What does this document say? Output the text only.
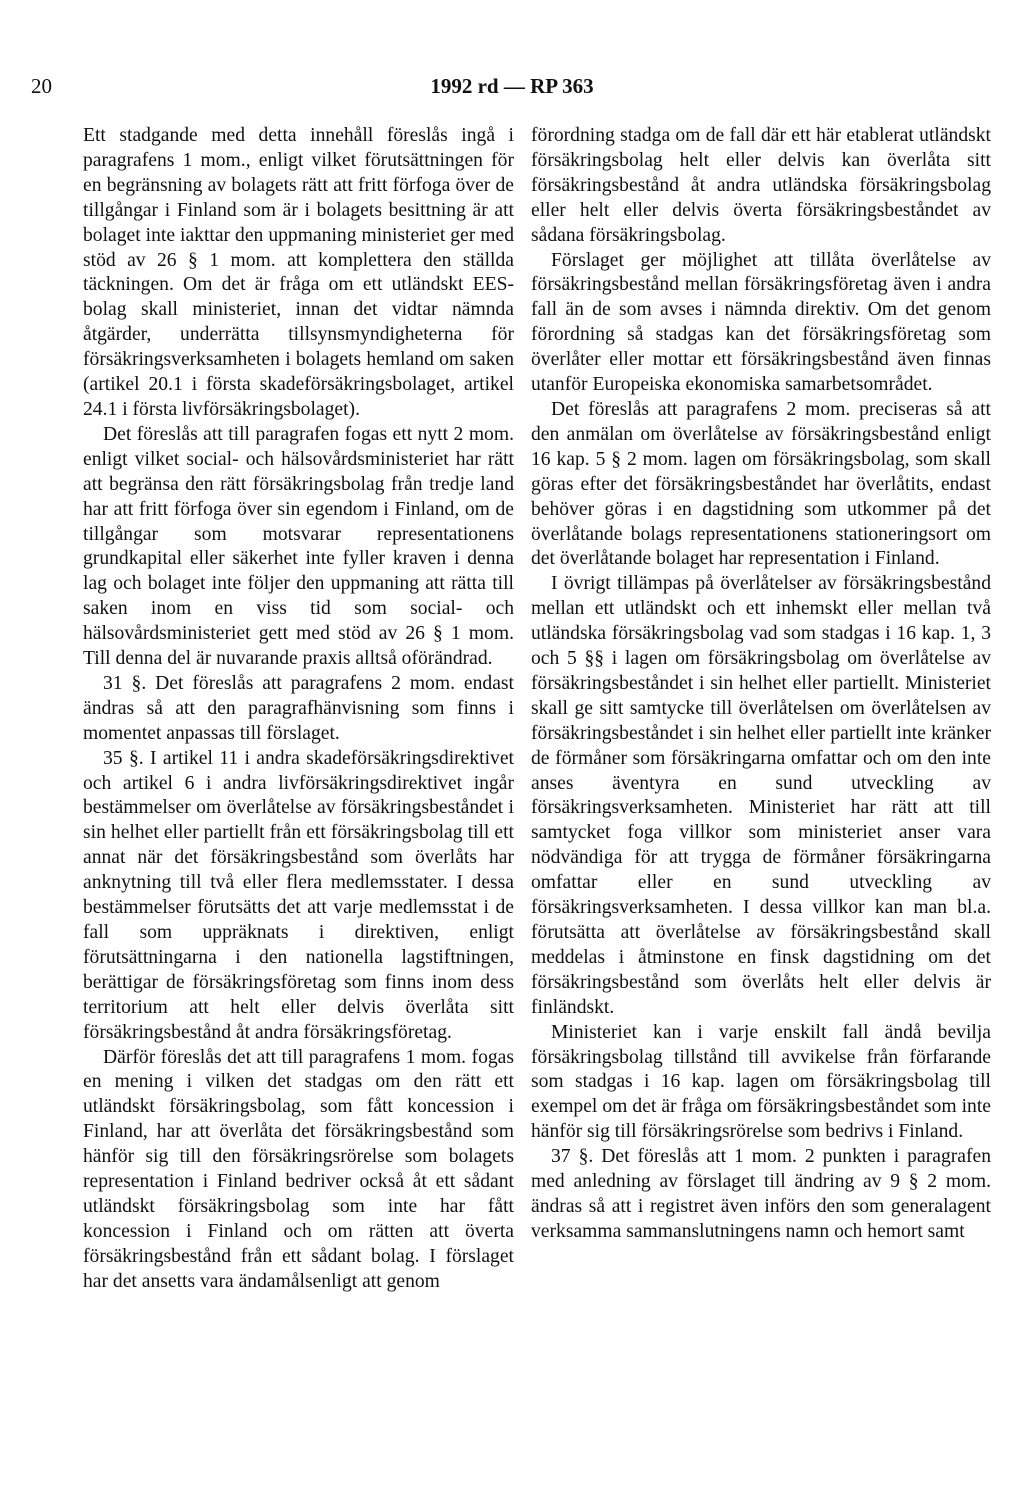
20	1992 rd — RP 363

Ett stadgande med detta innehåll föreslås ingå i paragrafens 1 mom., enligt vilket förutsättningen för en begränsning av bolagets rätt att fritt förfoga över de tillgångar i Finland som är i bolagets besittning är att bolaget inte iakttar den uppmaning ministeriet ger med stöd av 26 § 1 mom. att komplettera den ställda täckningen. Om det är fråga om ett utländskt EES-bolag skall ministeriet, innan det vidtar nämnda åtgärder, underrätta tillsynsmyndigheterna för försäkringsverksamheten i bolagets hemland om saken (artikel 20.1 i första skadeförsäkringsbolaget, artikel 24.1 i första livförsäkringsbolaget).

Det föreslås att till paragrafen fogas ett nytt 2 mom. enligt vilket social- och hälsovårdsministeriet har rätt att begränsa den rätt försäkringsbolag från tredje land har att fritt förfoga över sin egendom i Finland, om de tillgångar som motsvarar representationens grundkapital eller säkerhet inte fyller kraven i denna lag och bolaget inte följer den uppmaning att rätta till saken inom en viss tid som social- och hälsovårdsministeriet gett med stöd av 26 § 1 mom. Till denna del är nuvarande praxis alltså oförändrad.

31 §. Det föreslås att paragrafens 2 mom. endast ändras så att den paragrafhänvisning som finns i momentet anpassas till förslaget.

35 §. I artikel 11 i andra skadeförsäkringsdirektivet och artikel 6 i andra livförsäkringsdirektivet ingår bestämmelser om överlåtelse av försäkringsbeståndet i sin helhet eller partiellt från ett försäkringsbolag till ett annat när det försäkringsbestånd som överlåts har anknytning till två eller flera medlemsstater. I dessa bestämmelser förutsätts det att varje medlemsstat i de fall som uppräknats i direktiven, enligt förutsättningarna i den nationella lagstiftningen, berättigar de försäkringsföretag som finns inom dess territorium att helt eller delvis överlåta sitt försäkringsbestånd åt andra försäkringsföretag.

Därför föreslås det att till paragrafens 1 mom. fogas en mening i vilken det stadgas om den rätt ett utländskt försäkringsbolag, som fått koncession i Finland, har att överlåta det försäkringsbestånd som hänför sig till den försäkringsrörelse som bolagets representation i Finland bedriver också åt ett sådant utländskt försäkringsbolag som inte har fått koncession i Finland och om rätten att överta försäkringsbestånd från ett sådant bolag. I förslaget har det ansetts vara ändamålsenligt att genom

förordning stadga om de fall där ett här etablerat utländskt försäkringsbolag helt eller delvis kan överlåta sitt försäkringsbestånd åt andra utländska försäkringsbolag eller helt eller delvis överta försäkringsbeståndet av sådana försäkringsbolag.

Förslaget ger möjlighet att tillåta överlåtelse av försäkringsbestånd mellan försäkringsföretag även i andra fall än de som avses i nämnda direktiv. Om det genom förordning så stadgas kan det försäkringsföretag som överlåter eller mottar ett försäkringsbestånd även finnas utanför Europeiska ekonomiska samarbetsområdet.

Det föreslås att paragrafens 2 mom. preciseras så att den anmälan om överlåtelse av försäkringsbestånd enligt 16 kap. 5 § 2 mom. lagen om försäkringsbolag, som skall göras efter det försäkringsbeståndet har överlåtits, endast behöver göras i en dagstidning som utkommer på det överlåtande bolags representationens stationeringsort om det överlåtande bolaget har representation i Finland.

I övrigt tillämpas på överlåtelser av försäkringsbestånd mellan ett utländskt och ett inhemskt eller mellan två utländska försäkringsbolag vad som stadgas i 16 kap. 1, 3 och 5 §§ i lagen om försäkringsbolag om överlåtelse av försäkringsbeståndet i sin helhet eller partiellt. Ministeriet skall ge sitt samtycke till överlåtelsen om överlåtelsen av försäkringsbeståndet i sin helhet eller partiellt inte kränker de förmåner som försäkringarna omfattar och om den inte anses äventyra en sund utveckling av försäkringsverksamheten. Ministeriet har rätt att till samtycket foga villkor som ministeriet anser vara nödvändiga för att trygga de förmåner försäkringarna omfattar eller en sund utveckling av försäkringsverksamheten. I dessa villkor kan man bl.a. förutsätta att överlåtelse av försäkringsbestånd skall meddelas i åtminstone en finsk dagstidning om det försäkringsbestånd som överlåts helt eller delvis är finländskt.

Ministeriet kan i varje enskilt fall ändå bevilja försäkringsbolag tillstånd till avvikelse från förfarande som stadgas i 16 kap. lagen om försäkringsbolag till exempel om det är fråga om försäkringsbeståndet som inte hänför sig till försäkringsrörelse som bedrivs i Finland.

37 §. Det föreslås att 1 mom. 2 punkten i paragrafen med anledning av förslaget till ändring av 9 § 2 mom. ändras så att i registret även införs den som generalagent verksamma sammanslutningens namn och hemort samt
